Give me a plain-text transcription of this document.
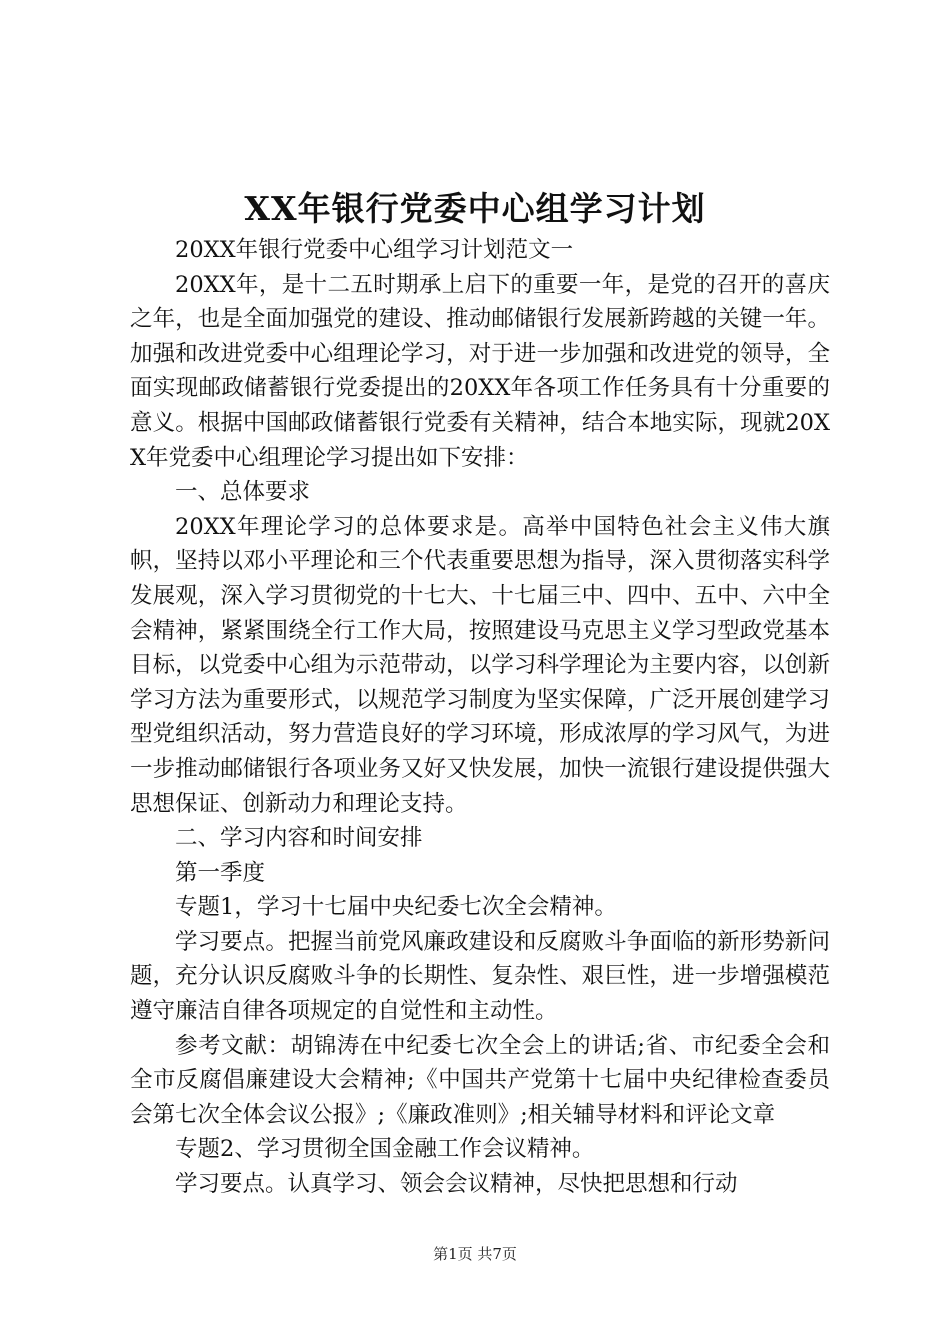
XX年银行党委中心组学习计划

20XX年银行党委中心组学习计划范文一

20XX年，是十二五时期承上启下的重要一年，是党的召开的喜庆之年，也是全面加强党的建设、推动邮储银行发展新跨越的关键一年。加强和改进党委中心组理论学习，对于进一步加强和改进党的领导，全面实现邮政储蓄银行党委提出的20XX年各项工作任务具有十分重要的意义。根据中国邮政储蓄银行党委有关精神，结合本地实际，现就20XX年党委中心组理论学习提出如下安排：

一、总体要求

20XX年理论学习的总体要求是。高举中国特色社会主义伟大旗帜，坚持以邓小平理论和三个代表重要思想为指导，深入贯彻落实科学发展观，深入学习贯彻党的十七大、十七届三中、四中、五中、六中全会精神，紧紧围绕全行工作大局，按照建设马克思主义学习型政党基本目标，以党委中心组为示范带动，以学习科学理论为主要内容，以创新学习方法为重要形式，以规范学习制度为坚实保障，广泛开展创建学习型党组织活动，努力营造良好的学习环境，形成浓厚的学习风气，为进一步推动邮储银行各项业务又好又快发展，加快一流银行建设提供强大思想保证、创新动力和理论支持。

二、学习内容和时间安排

第一季度

专题1，学习十七届中央纪委七次全会精神。

学习要点。把握当前党风廉政建设和反腐败斗争面临的新形势新问题，充分认识反腐败斗争的长期性、复杂性、艰巨性，进一步增强模范遵守廉洁自律各项规定的自觉性和主动性。

参考文献：胡锦涛在中纪委七次全会上的讲话;省、市纪委全会和全市反腐倡廉建设大会精神;《中国共产党第十七届中央纪律检查委员会第七次全体会议公报》;《廉政准则》;相关辅导材料和评论文章

专题2、学习贯彻全国金融工作会议精神。

学习要点。认真学习、领会会议精神，尽快把思想和行动

第1页 共7页
